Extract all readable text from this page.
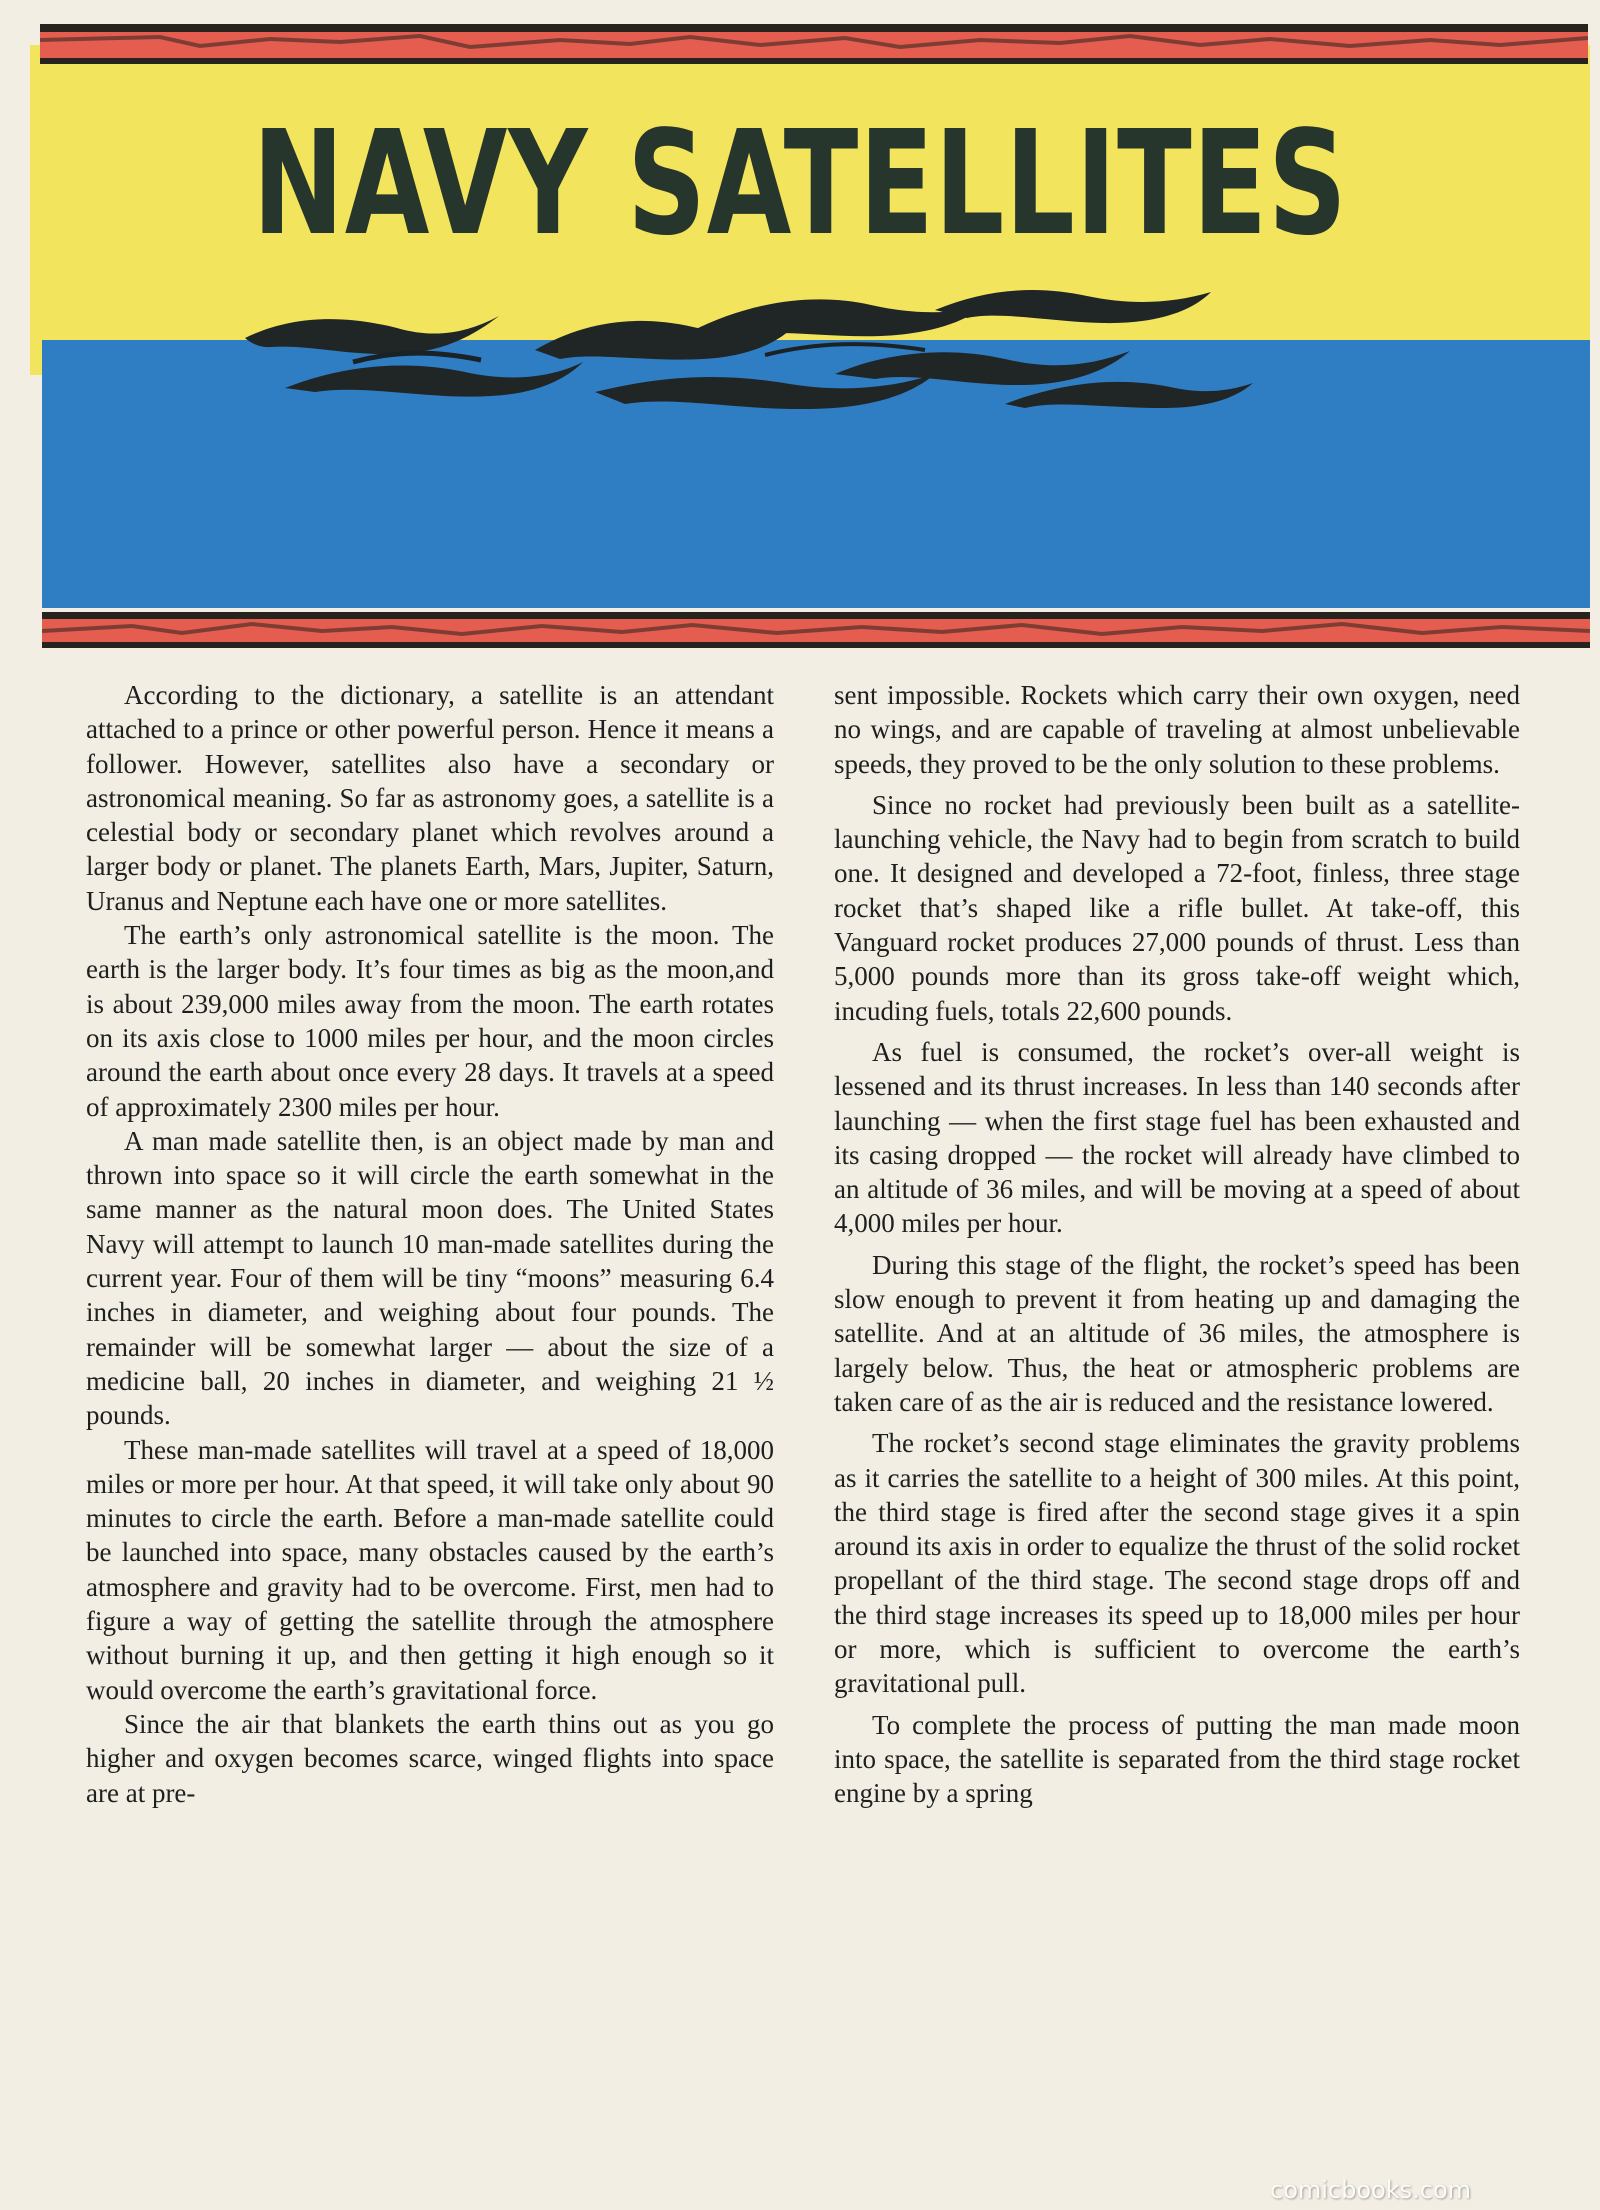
NAVY SATELLITES

According to the dictionary, a satellite is an attendant attached to a prince or other powerful person. Hence it means a follower. However, satellites also have a secondary or astronomical meaning. So far as astronomy goes, a satellite is a celestial body or secondary planet which revolves around a larger body or planet. The planets Earth, Mars, Jupiter, Saturn, Uranus and Neptune each have one or more satellites.

The earth’s only astronomical satellite is the moon. The earth is the larger body. It’s four times as big as the moon,and is about 239,000 miles away from the moon. The earth rotates on its axis close to 1000 miles per hour, and the moon circles around the earth about once every 28 days. It travels at a speed of approximately 2300 miles per hour.

A man made satellite then, is an object made by man and thrown into space so it will circle the earth somewhat in the same manner as the natural moon does. The United States Navy will attempt to launch 10 man-made satellites during the current year. Four of them will be tiny “moons” measuring 6.4 inches in diameter, and weighing about four pounds. The remainder will be somewhat larger — about the size of a medicine ball, 20 inches in diameter, and weighing 21 ½ pounds.

These man-made satellites will travel at a speed of 18,000 miles or more per hour. At that speed, it will take only about 90 minutes to circle the earth. Before a man-made satellite could be launched into space, many obstacles caused by the earth’s atmosphere and gravity had to be overcome. First, men had to figure a way of getting the satellite through the atmosphere without burning it up, and then getting it high enough so it would overcome the earth’s gravitational force.

Since the air that blankets the earth thins out as you go higher and oxygen becomes scarce, winged flights into space are at pre-

sent impossible. Rockets which carry their own oxygen, need no wings, and are capable of traveling at almost unbelievable speeds, they proved to be the only solution to these problems.

Since no rocket had previously been built as a satellite-launching vehicle, the Navy had to begin from scratch to build one. It designed and developed a 72-foot, finless, three stage rocket that’s shaped like a rifle bullet. At take-off, this Vanguard rocket produces 27,000 pounds of thrust. Less than 5,000 pounds more than its gross take-off weight which, incuding fuels, totals 22,600 pounds.

As fuel is consumed, the rocket’s over-all weight is lessened and its thrust increases. In less than 140 seconds after launching — when the first stage fuel has been exhausted and its casing dropped — the rocket will already have climbed to an altitude of 36 miles, and will be moving at a speed of about 4,000 miles per hour.

During this stage of the flight, the rocket’s speed has been slow enough to prevent it from heating up and damaging the satellite. And at an altitude of 36 miles, the atmosphere is largely below. Thus, the heat or atmospheric problems are taken care of as the air is reduced and the resistance lowered.

The rocket’s second stage eliminates the gravity problems as it carries the satellite to a height of 300 miles. At this point, the third stage is fired after the second stage gives it a spin around its axis in order to equalize the thrust of the solid rocket propellant of the third stage. The second stage drops off and the third stage increases its speed up to 18,000 miles per hour or more, which is sufficient to overcome the earth’s gravitational pull.

To complete the process of putting the man made moon into space, the satellite is separated from the third stage rocket engine by a spring

comicbooks.com
